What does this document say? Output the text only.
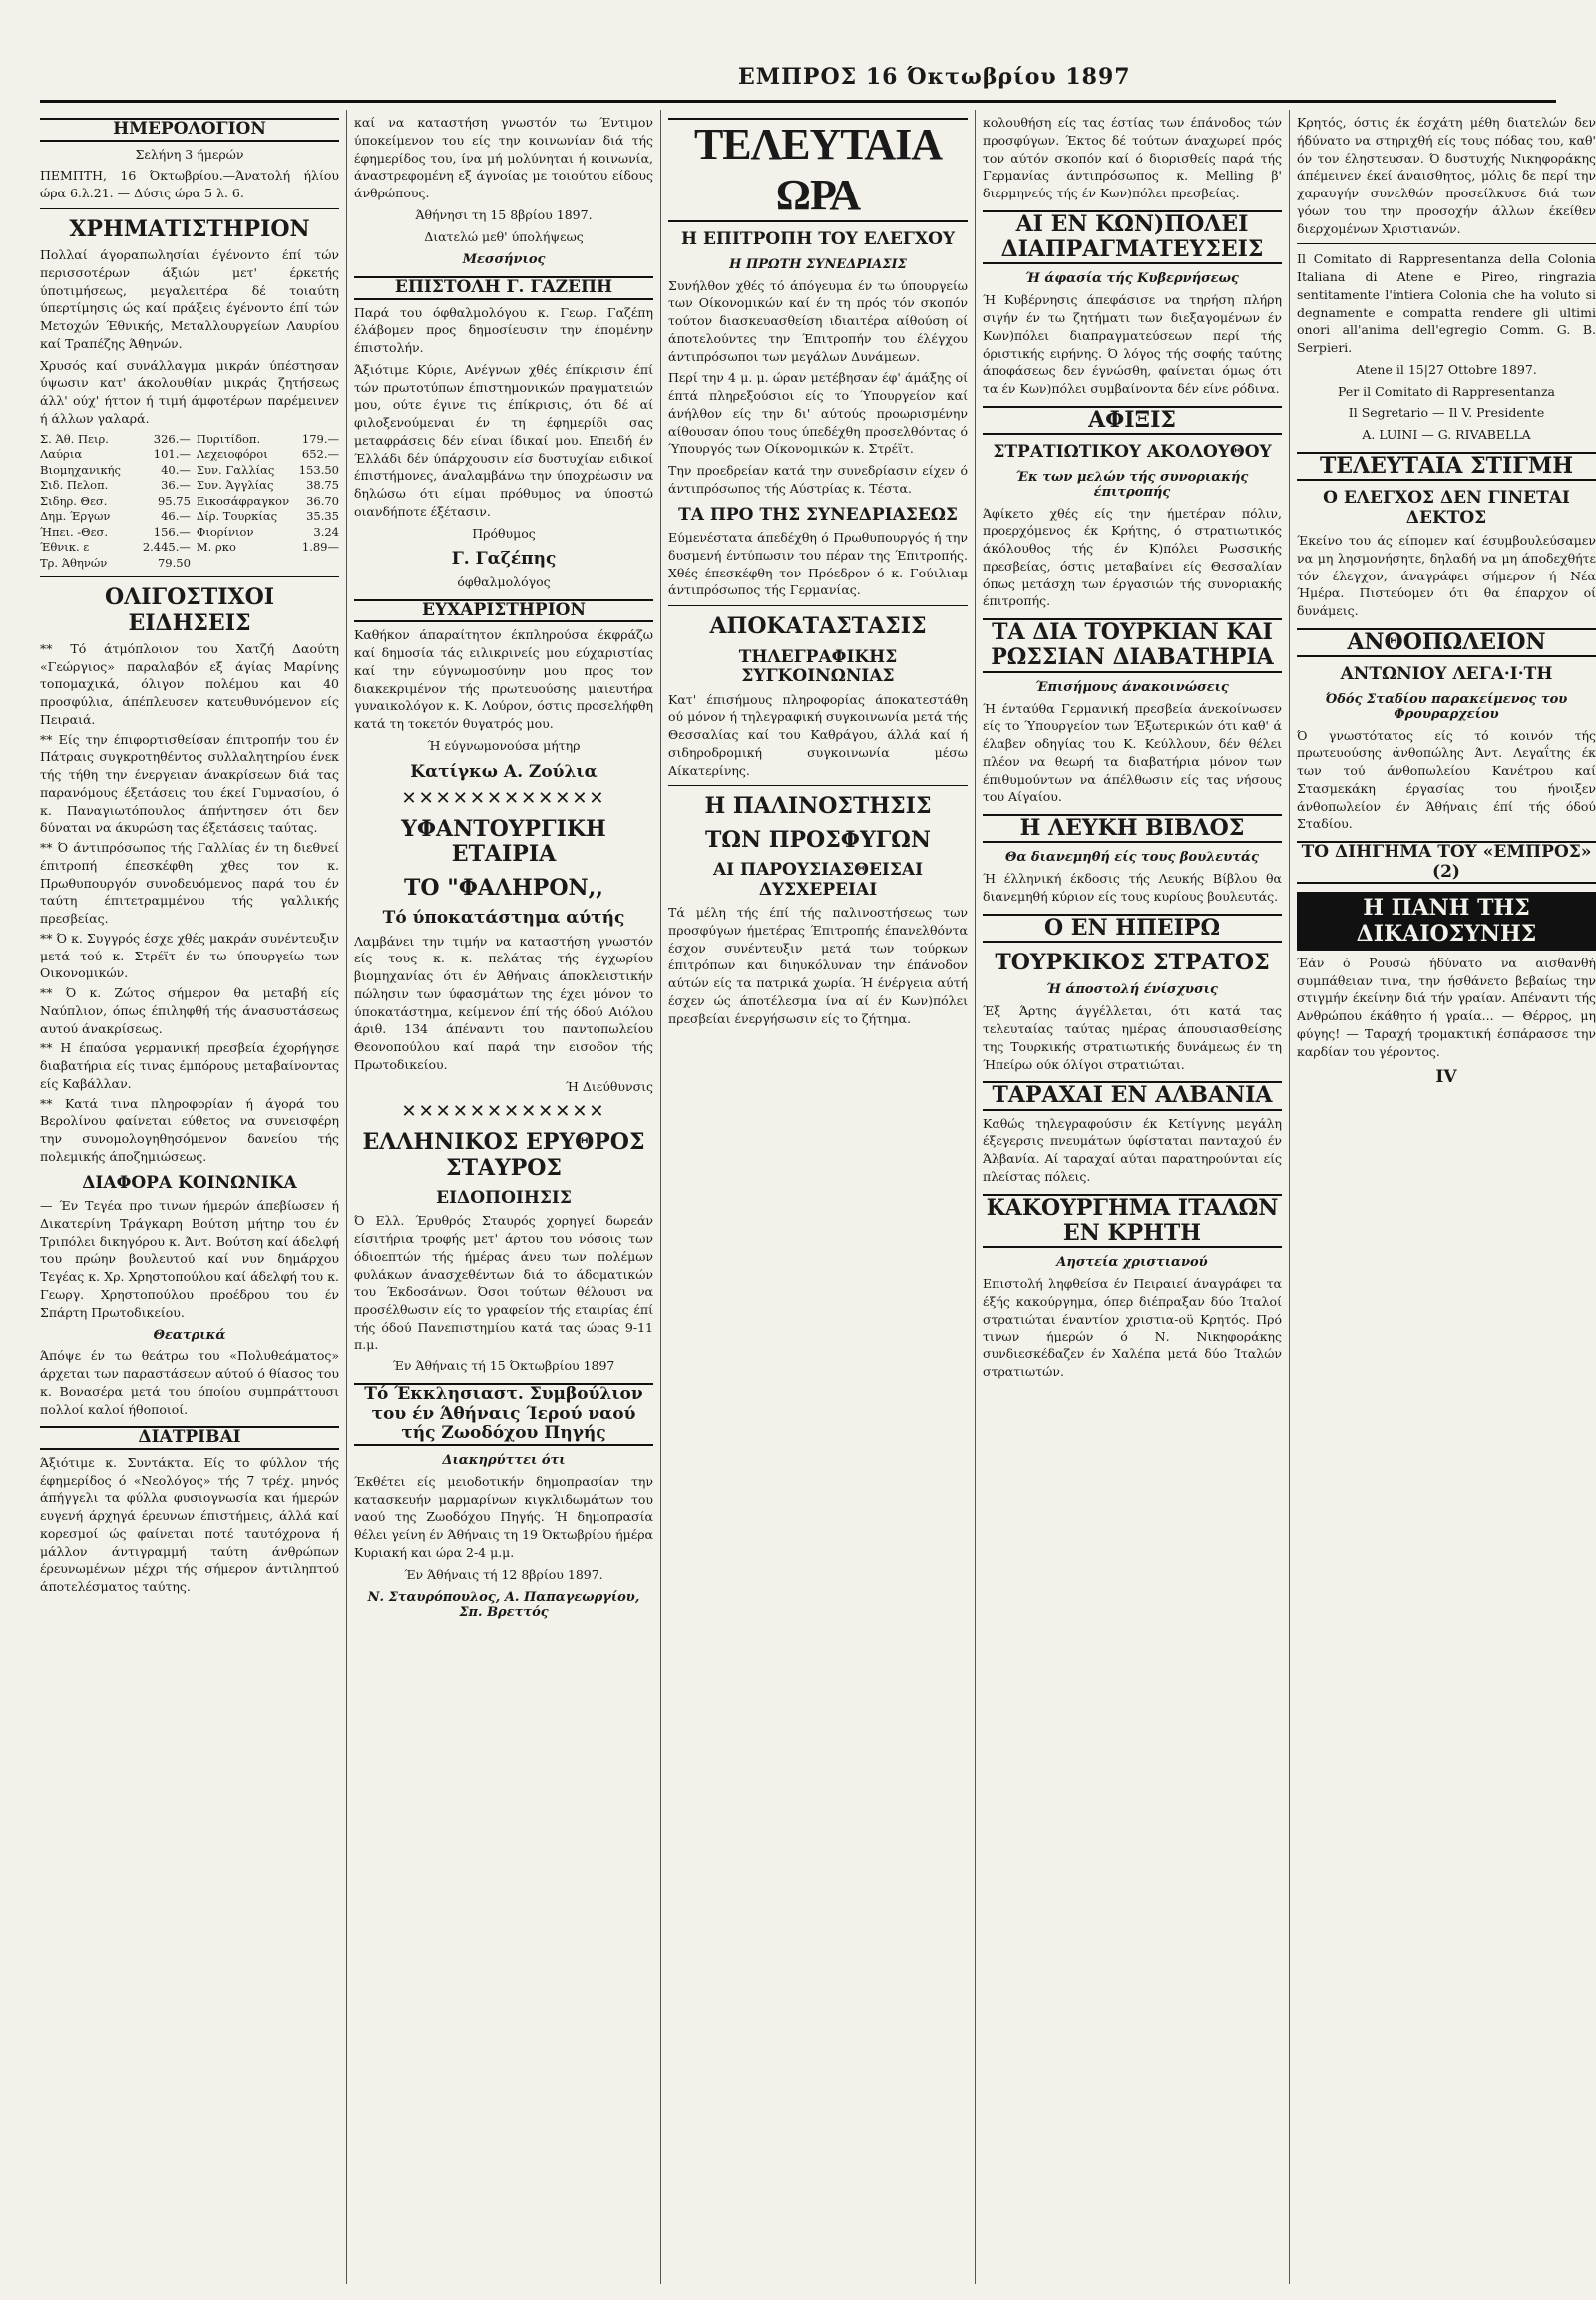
ΕΜΠΡΟΣ 16 Όκτωβρίου 1897
ΗΜΕΡΟΛΟΓΙΟΝ
Σελήνη 3 ήμερών
ΠΕΜΠΤΗ, 16 Όκτωβρίου.—Άνατολή ήλίου ώρα 6.λ.21. — Δύσις ώρα 5 λ. 6.
ΧΡΗΜΑΤΙΣΤΗΡΙΟΝ

Πολλαί άγοραπωλησίαι έγένοντο έπί τών περισσοτέρων άξιών μετ' έρκετής ύποτιμήσεως, μεγαλειτέρα δέ τοιαύτη ύπερτίμησις ώς καί πράξεις έγένοντο έπί τών Μετοχών Έθνικής, Μεταλλουργείων Λαυρίου καί Τραπέζης Άθηνών.

Χρυσός καί συνάλλαγμα μικράν ύπέστησαν ύψωσιν κατ' άκολουθίαν μικράς ζητήσεως άλλ' ούχ' ήττον ή τιμή άμφοτέρων παρέμεινεν ή άλλων γαλαρά.

Σ. Άθ. Πειρ.	326.— Πυριτίδοπ.	179.—
Λαύρια	101.— Λεχειοφόροι	652.—
Βιομηχανικής	40.— Συν. Γαλλίας	153.50
Σιδ. Πελοπ.	36.— Συν. Άγγλίας	38.75
Σιδηρ. Θεσ.	95.75 Εικοσάφραγκον	36.70
Δημ. Έργων	46.— Δίρ. Τουρκίας	35.35
Ήπει. -Θεσ.	156.— Φιορίνιον	3.24
Έθνικ. ε	2.445.— Μ. ρκο	1.89—
Τρ. Άθηνών	79.50
ΟΛΙΓΟΣΤΙΧΟΙ ΕΙΔΗΣΕΙΣ

** Τό άτμόπλοιον του Χατζή Δαούτη «Γεώργιος» παραλαβόν εξ άγίας Μαρίνης τοπομαχικά, όλιγον πολέμου και 40 προσφύλια, άπέπλευσεν κατευθυνόμενον είς Πειραιά.

** Είς την έπιφορτισθείσαν έπιτροπήν του έν Πάτραις συγκροτηθέντος συλλαλητηρίου ένεκ τής τήθη την ένεργειαν άνακρίσεων διά τας παρανόμους έξετάσεις του έκεί Γυμνασίου, ό κ. Παναγιωτόπουλος άπήντησεν ότι δεν δύναται να άκυρώση τας έξετάσεις ταύτας.

** Ό άντιπρόσωπος τής Γαλλίας έν τη διεθνεί έπιτροπή έπεσκέφθη χθες τον κ. Πρωθυπουργόν συνοδευόμενος παρά του έν ταύτη έπιτετραμμένου τής γαλλικής πρεσβείας.

** Ό κ. Συγγρός έσχε χθές μακράν συνέντευξιν μετά τού κ. Στρέϊτ έν τω ύπουργείω των Οικονομικών.

** Ό κ. Ζώτος σήμερον θα μεταβή είς Ναύπλιον, όπως έπιληφθή τής άνασυστάσεως αυτού άνακρίσεως.

** Η έπαύσα γερμανική πρεσβεία έχορήγησε διαβατήρια είς τινας έμπόρους μεταβαίνοντας είς Καβάλλαν.

** Κατά τινα πληροφορίαν ή άγορά του Βερολίνου φαίνεται εύθετος να συνεισφέρη την συνομολογηθησόμενον δανείου τής πολεμικής άποζημιώσεως.

ΔΙΑΦΟΡΑ ΚΟΙΝΩΝΙΚΑ

— Έν Τεγέα προ τινων ήμερών άπεβίωσεν ή Δικατερίνη Τράγκαρη Βούτση μήτηρ του έν Τριπόλει δικηγόρου κ. Άντ. Βούτση καί άδελφή του πρώην βουλευτού καί νυν δημάρχου Τεγέας κ. Χρ. Χρηστοπούλου καί άδελφή του κ. Γεωργ. Χρηστοπούλου προέδρου του έν Σπάρτη Πρωτοδικείου.

Θεατρικά

Άπόψε έν τω θεάτρω του «Πολυθεάματος» άρχεται των παραστάσεων αύτού ό θίασος του κ. Βονασέρα μετά του όποίου συμπράττουσι πολλοί καλοί ήθοποιοί.

ΔΙΑΤΡΙΒΑΙ

Άξιότιμε κ. Συντάκτα. Είς το φύλλον τής έφημερίδος ό «Νεολόγος» τής 7 τρέχ. μηνός άπήγγελι τα φύλλα φυσιογνωσία και ήμερών ευγενή άρχηγά έρευνων έπιστήμεις, άλλά καί κορεσμοί ώς φαίνεται ποτέ ταυτόχρονα ή μάλλον άντιγραμμή ταύτη άνθρώπων έρευνωμένων μέχρι τής σήμερον άντιληπτού άποτελέσματος ταύτης.

καί να καταστήση γνωστόν τω Έντιμον ύποκείμενον του είς την κοινωνίαν διά τής έφημερίδος του, ίνα μή μολύνηται ή κοινωνία, άναστρεφομένη εξ άγνοίας με τοιούτου είδους άνθρώπους.

Άθήνησι τη 15 8βρίου 1897.
Διατελώ μεθ' ύπολήψεως
Μεσσήνιος
ΕΠΙΣΤΟΛΗ Γ. ΓΑΖΕΠΗ

Παρά του όφθαλμολόγου κ. Γεωρ. Γαζέπη έλάβομεν προς δημοσίευσιν την έπομένην έπιστολήν.

Άξιότιμε Κύριε, Ανέγνων χθές έπίκρισιν έπί τών πρωτοτύπων έπιστημονικών πραγματειών μου, ούτε έγινε τις έπίκρισις, ότι δέ αί φιλοξενούμεναι έν τη έφημερίδι σας μεταφράσεις δέν είναι ίδικαί μου. Επειδή έν Έλλάδι δέν ύπάρχουσιν είσ δυστυχίαν ειδικοί έπιστήμονες, άναλαμβάνω την ύποχρέωσιν να δηλώσω ότι είμαι πρόθυμος να ύποστώ οιανδήποτε έξέτασιν.

Πρόθυμος
Γ. Γαζέπης
όφθαλμολόγος
ΕΥΧΑΡΙΣΤΗΡΙΟΝ

Καθήκον άπαραίτητον έκπληρούσα έκφράζω καί δημοσία τάς ειλικρινείς μου εύχαριστίας καί την εύγνωμοσύνην μου προς τον διακεκριμένον τής πρωτευούσης μαιευτήρα γυναικολόγον κ. Κ. Λούρον, όστις προσελήφθη κατά τη τοκετόν θυγατρός μου.

Ή εύγνωμονούσα μήτηρ
Κατίγκω Α. Ζούλια
✕✕✕✕✕✕✕✕✕✕✕✕
ΥΦΑΝΤΟΥΡΓΙΚΗ ΕΤΑΙΡΙΑ
ΤΟ "ΦΑΛΗΡΟΝ,,
Τό ύποκατάστημα αύτής

Λαμβάνει την τιμήν να καταστήση γνωστόν είς τους κ. κ. πελάτας τής έγχωρίου βιομηχανίας ότι έν Άθήναις άποκλειστικήν πώλησιν των ύφασμάτων της έχει μόνον το ύποκατάστημα, κείμενον έπί τής όδού Αιόλου άριθ. 134 άπέναντι του παντοπωλείου Θεονοπούλου καί παρά την εισοδον τής Πρωτοδικείου.

Ή Διεύθυνσις
✕✕✕✕✕✕✕✕✕✕✕✕
ΕΛΛΗΝΙΚΟΣ ΕΡΥΘΡΟΣ ΣΤΑΥΡΟΣ
ΕΙΔΟΠΟΙΗΣΙΣ

Ό Ελλ. Έρυθρός Σταυρός χορηγεί δωρεάν είσιτήρια τροφής μετ' άρτου του νόσοις των όδιοεπτών τής ήμέρας άνευ των πολέμων φυλάκων άνασχεθέντων διά το άδοματικών του Έκδοσάνων. Όσοι τούτων θέλουσι να προσέλθωσιν είς το γραφείον τής εταιρίας έπί τής όδού Πανεπιστημίου κατά τας ώρας 9-11 π.μ.

Έν Άθήναις τή 15 Όκτωβρίου 1897
Τό Έκκλησιαστ. Συμβούλιον του έν Άθήναις Ίερού ναού τής Ζωοδόχου Πηγής
Διακηρύττει ότι

Έκθέτει είς μειοδοτικήν δημοπρασίαν την κατασκευήν μαρμαρίνων κιγκλιδωμάτων του ναού της Ζωοδόχου Πηγής. Ή δημοπρασία θέλει γείνη έν Άθήναις τη 19 Όκτωβρίου ήμέρα Κυριακή και ώρα 2-4 μ.μ.

Έν Άθήναις τή 12 8βρίου 1897.
Ν. Σταυρόπουλος, Α. Παπαγεωργίου, Σπ. Βρεττός
ΤΕΛΕΥΤΑΙΑ ΩΡΑ
Η ΕΠΙΤΡΟΠΗ ΤΟΥ ΕΛΕΓΧΟΥ
Η ΠΡΩΤΗ ΣΥΝΕΔΡΙΑΣΙΣ

Συνήλθον χθές τό άπόγευμα έν τω ύπουργείω των Οίκονομικών καί έν τη πρός τόν σκοπόν τούτον διασκευασθείση ιδιαιτέρα αίθούση οί άποτελούντες την Έπιτροπήν του έλέγχου άντιπρόσωποι των μεγάλων Δυνάμεων.

Περί την 4 μ. μ. ώραν μετέβησαν έφ' άμάξης οί έπτά πληρεξούσιοι είς το Ύπουργείον καί άνήλθον είς την δι' αύτούς προωρισμένην αίθουσαν όπου τους ύπεδέχθη προσελθόντας ό Ύπουργός των Οίκονομικών κ. Στρέϊτ.

Την προεδρείαν κατά την συνεδρίασιν είχεν ό άντιπρόσωπος τής Αύστρίας κ. Τέστα.

ΤΑ ΠΡΟ ΤΗΣ ΣΥΝΕΔΡΙΑΣΕΩΣ

Εύμενέστατα άπεδέχθη ό Πρωθυπουργός ή την δυσμενή έντύπωσιν του πέραν της Έπιτροπής. Χθές έπεσκέφθη τον Πρόεδρον ό κ. Γούιλιαμ άντιπρόσωπος τής Γερμανίας.

ΑΠΟΚΑΤΑΣΤΑΣΙΣ
ΤΗΛΕΓΡΑΦΙΚΗΣ ΣΥΓΚΟΙΝΩΝΙΑΣ

Κατ' έπισήμους πληροφορίας άποκατεστάθη ού μόνον ή τηλεγραφική συγκοινωνία μετά τής Θεσσαλίας καί του Καθράγου, άλλά καί ή σιδηροδρομική συγκοινωνία μέσω Αίκατερίνης.

Η ΠΑΛΙΝΟΣΤΗΣΙΣ
ΤΩΝ ΠΡΟΣΦΥΓΩΝ
ΑΙ ΠΑΡΟΥΣΙΑΣΘΕΙΣΑΙ ΔΥΣΧΕΡΕΙΑΙ

Τά μέλη τής έπί τής παλινοστήσεως των προσφύγων ήμετέρας Έπιτροπής έπανελθόντα έσχον συνέντευξιν μετά των τούρκων έπιτρόπων και διηυκόλυναν την έπάνοδον αύτών είς τα πατρικά χωρία. Ή ένέργεια αύτή έσχεν ώς άποτέλεσμα ίνα αί έν Κων)πόλει πρεσβείαι ένεργήσωσιν είς το ζήτημα.

κολουθήση είς τας έστίας των έπάνοδος τών προσφύγων. Έκτος δέ τούτων άναχωρεί πρός τον αύτόν σκοπόν καί ό διορισθείς παρά τής Γερμανίας άντιπρόσωπος κ. Melling β' διερμηνεύς τής έν Κων)πόλει πρεσβείας.

ΑΙ ΕΝ ΚΩΝ)ΠΟΛΕΙ ΔΙΑΠΡΑΓΜΑΤΕΥΣΕΙΣ
Ή άφασία τής Κυβερνήσεως

Ή Κυβέρνησις άπεφάσισε να τηρήση πλήρη σιγήν έν τω ζητήματι των διεξαγομένων έν Κων)πόλει διαπραγματεύσεων περί τής όριστικής ειρήνης. Ό λόγος τής σοφής ταύτης άποφάσεως δεν έγνώσθη, φαίνεται όμως ότι τα έν Κων)πόλει συμβαίνοντα δέν είνε ρόδινα.

ΑΦΙΞΙΣ
ΣΤΡΑΤΙΩΤΙΚΟΥ ΑΚΟΛΟΥΘΟΥ
Έκ των μελών τής συνοριακής έπιτροπής

Άφίκετο χθές είς την ήμετέραν πόλιν, προερχόμενος έκ Κρήτης, ό στρατιωτικός άκόλουθος τής έν Κ)πόλει Ρωσσικής πρεσβείας, όστις μεταβαίνει είς Θεσσαλίαν όπως μετάσχη των έργασιών τής συνοριακής έπιτροπής.

ΤΑ ΔΙΑ ΤΟΥΡΚΙΑΝ ΚΑΙ ΡΩΣΣΙΑΝ ΔΙΑΒΑΤΗΡΙΑ
Έπισήμους άνακοινώσεις

Ή ένταύθα Γερμανική πρεσβεία άνεκοίνωσεν είς το Ύπουργείον των Έξωτερικών ότι καθ' ά έλαβεν οδηγίας του Κ. Κεύλλουν, δέν θέλει πλέον να θεωρή τα διαβατήρια μόνον των έπιθυμούντων να άπέλθωσιν είς τας νήσους του Αίγαίου.

Η ΛΕΥΚΗ ΒΙΒΛΟΣ
Θα διανεμηθή είς τους βουλευτάς

Ή έλληνική έκδοσις τής Λευκής Βίβλου θα διανεμηθή κύριον είς τους κυρίους βουλευτάς.

Ο ΕΝ ΗΠΕΙΡΩ
ΤΟΥΡΚΙΚΟΣ ΣΤΡΑΤΟΣ
Ή άποστολή ένίσχυσις

Έξ Άρτης άγγέλλεται, ότι κατά τας τελευταίας ταύτας ημέρας άπουσιασθείσης της Τουρκικής στρατιωτικής δυνάμεως έν τη Ήπείρω ούκ όλίγοι στρατιώται.

ΤΑΡΑΧΑΙ ΕΝ ΑΛΒΑΝΙΑ

Καθώς τηλεγραφούσιν έκ Κετίγνης μεγάλη έξεγερσις πνευμάτων ύφίσταται πανταχού έν Άλβανία. Αί ταραχαί αύται παρατηρούνται είς πλείστας πόλεις.

ΚΑΚΟΥΡΓΗΜΑ ΙΤΑΛΩΝ ΕΝ ΚΡΗΤΗ
Αηστεία χριστιανού

Επιστολή ληφθείσα έν Πειραιεί άναγράφει τα έξής κακούργημα, όπερ διέπραξαν δύο Ίταλοί στρατιώται έναντίον χριστια-οϋ Κρητός. Πρό τινων ήμερών ό Ν. Νικηφοράκης συνδιεσκέδαζεν έν Χαλέπα μετά δύο Ίταλών στρατιωτών.

Κρητός, όστις έκ έσχάτη μέθη διατελών δεν ήδύνατο να στηριχθή είς τους πόδας του, καθ' όν τον έληστευσαν. Ό δυστυχής Νικηφοράκης άπέμεινεν έκεί άναισθητος, μόλις δε περί την χαραυγήν συνελθών προσείλκυσε διά των γόων του την προσοχήν άλλων έκείθεν διερχομένων Χριστιανών.

Il Comitato di Rappresentanza della Colonia Italiana di Atene e Pireo, ringrazia sentitamente l'intiera Colonia che ha voluto si degnamente e compatta rendere gli ultimi onori all'anima dell'egregio Comm. G. B. Serpieri.

Atene il 15|27 Ottobre 1897.
Per il Comitato di Rappresentanza
Il Segretario — Il V. Presidente
A. LUINI — G. RIVABELLA
ΤΕΛΕΥΤΑΙΑ ΣΤΙΓΜΗ
Ο ΕΛΕΓΧΟΣ ΔΕΝ ΓΙΝΕΤΑΙ ΔΕΚΤΟΣ

Έκείνο του άς είπομεν καί έσυμβουλεύσαμεν να μη λησμονήσητε, δηλαδή να μη άποδεχθήτε τόν έλεγχον, άναγράφει σήμερον ή Νέα Ήμέρα. Πιστεύομεν ότι θα έπαρχον οί δυνάμεις.

ΑΝΘΟΠΩΛΕΙΟΝ
ΑΝΤΩΝΙΟΥ ΛΕΓΑ·Ι·ΤΗ
Όδός Σταδίου παρακείμενος του Φρουραρχείου

Ό γνωστότατος είς τό κοινόν τής πρωτευούσης άνθοπώλης Άντ. Λεγαΐτης έκ των τού άνθοπωλείου Κανέτρου καί Στασμεκάκη έργασίας του ήνοιξεν άνθοπωλείον έν Άθήναις έπί τής όδού Σταδίου.

ΤΟ ΔΙΗΓΗΜΑ ΤΟΥ «ΕΜΠΡΟΣ» (2)
Η ΠΑΝΗ ΤΗΣ ΔΙΚΑΙΟΣΥΝΗΣ

Έάν ό Ρουσώ ήδύνατο να αισθανθή συμπάθειαν τινα, την ήσθάνετο βεβαίως την στιγμήν έκείνην διά τήν γραίαν. Απέναντι τής Ανθρώπου έκάθητο ή γραία... — Θέρρος, μη φύγης! — Ταραχή τρομακτική έσπάρασσε την καρδίαν του γέροντος.

IV
